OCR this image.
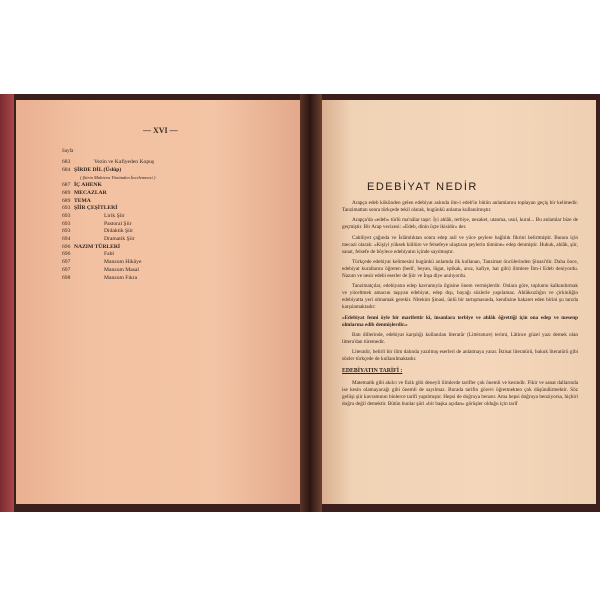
— XVI —
Sayfa
683	Vezin ve Kafiyeden Kopuş
684 ŞİRDE DİL (Üslûp)
( Şiirin Muhteva Yönünden İncelenmesi )
687 İÇ AHENK
689 MECAZLAR
689 TEMA
693 ŞİİR ÇEŞİTLERİ
693	Lirik Şiir
693	Pastoral Şiir
693	Didaktik Şiir
694	Dramatik Şiir
696 NAZIM TÜRLERİ
696	Fabl
697	Manzum Hikâye
697	Manzum Masal
698	Manzum Fıkra
EDEBİYAT NEDİR

Arapça edeb kökünden gelen edebiyat aslında ilm-i edeb'in bütün anlamlarını toplayan geçiş bir kelimedir. Tanzimattan sonra türkçede tekil olarak, bugünkü anlama kullanılmıştır.

Arapça'da «edeb» türlü ma'nâlar taşır: İyi ahlâk, terbiye, nezaket, utanma, usul, kural... Bu anlamlar bize de geçmiştir. Bir Arap vecizesi: «Edeb, dinin üçte ikisidir» der.

Cahiliyet çağında ve İslâmlıktan sonra edep asil ve yüce şeylere bağlılık fikrini belirtmiştir. Bunun için mecazi olarak: «Kişiyi yüksek kültüre ve felsefeye ulaştıran şeylerin tümüne» edep denmiştir. Hukuk, ahlâk, şiir, sanat, felsefe de böylece edebiyatın içinde sayılmıştır.

Türkçede edebiyat kelimesini bugünkü anlamda ilk kullanan, Tanzimat öncülerinden Şinasi'dir. Daha önce, edebiyat kurallarını öğreten (bedi', beyan, lügat, iştikak, aruz, kafiye, hat gibi) ilimlere İlm-i Edeb deniyordu. Nazım ve nesir edebi eserler de Şiir ve İnşa diye anılıyordu.

Tanzimatçılar, edebiyatın edep kavramıyla ilgisine önem vermişlerdir. Onlara göre, toplumu kalkındırmak ve yüceltmek amacını taşıyan edebiyat, edep dışı, bayağı sözlerle yapılamaz. Ahlâksızlığın ve çirkinliğin edebiyatta yeri olmamak gerekir. Nitekim Şinasi, ünlü bir tartışmasında, kendisine hakaret eden birini şu tarzda karşılamaktadır:

«Edebiyat fenni öyle bir marifettir ki, insanlara terbiye ve ahlâk öğrettiği için ona edep ve mesenp olmlarına edib denmişlerdir.»

Batı dillerinde, edebiyat karşılığı kullanılan literatür (Littérature) terimi, Lâtince güzel yazı demek olan littera'dan türemedir.

Literatür, belirli bir ilim dalında yazılmış eserleri de anlatmaya yarar. İktisat literatürü, hukuk literatürü gibi sözler türkçede de kullanılmaktadır.

EDEBİYATIN TARİFİ :

Matematik gibi akılcı ve fizik gibi deneyli ilimlerde tarifler çok önemli ve kesindir. Fikir ve sanat dallarında ise kesin olamayacağı gibi önemli de sayılmaz. Burada tarifin görevi öğretmekten çok düşündürmektir. Söz geliişi şiir kavramının binlerce tarifi yapılmıştır. Hepsi de doğruya benzer. Ama hepsi doğruya benziyorsa, hiçbiri doğru değil demektir. Bütün bunlar şiiri «bir başka açıdan» görüşler olduğu için tarif
